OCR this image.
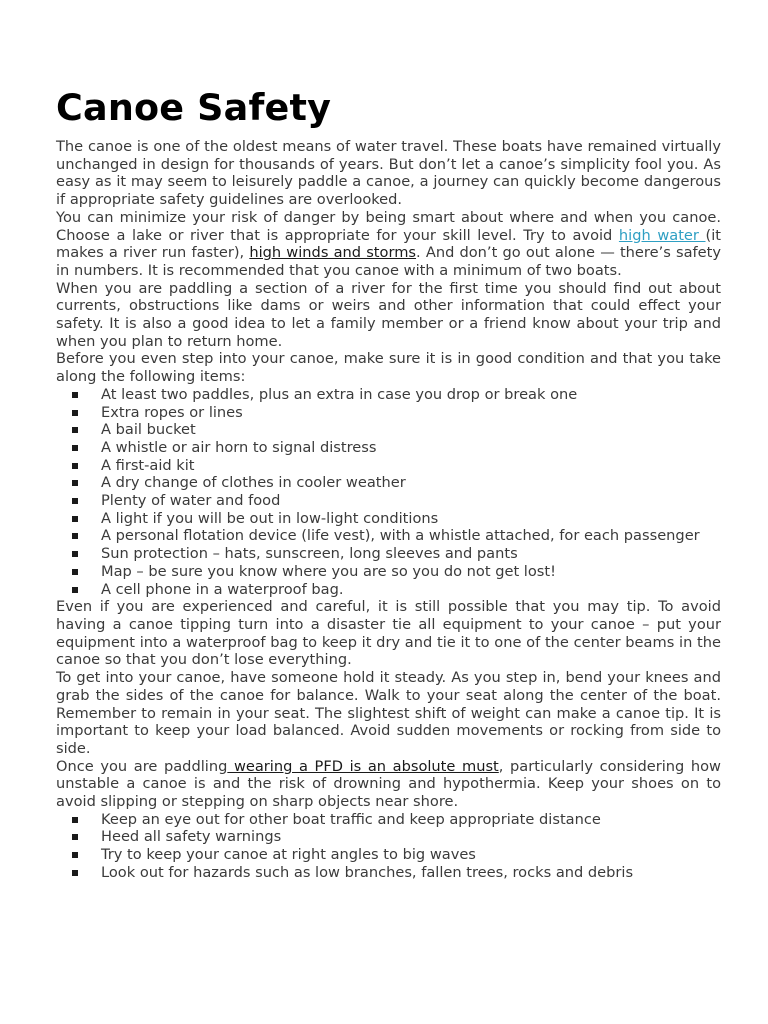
Canoe Safety

The canoe is one of the oldest means of water travel. These boats have remained virtually unchanged in design for thousands of years. But don’t let a canoe’s simplicity fool you. As easy as it may seem to leisurely paddle a canoe, a journey can quickly become dangerous if appropriate safety guidelines are overlooked.

You can minimize your risk of danger by being smart about where and when you canoe. Choose a lake or river that is appropriate for your skill level. Try to avoid high water (it makes a river run faster), high winds and storms. And don’t go out alone — there’s safety in numbers. It is recommended that you canoe with a minimum of two boats.

When you are paddling a section of a river for the first time you should find out about currents, obstructions like dams or weirs and other information that could effect your safety. It is also a good idea to let a family member or a friend know about your trip and when you plan to return home.

Before you even step into your canoe, make sure it is in good condition and that you take along the following items:

At least two paddles, plus an extra in case you drop or break one
Extra ropes or lines
A bail bucket
A whistle or air horn to signal distress
A first-aid kit
A dry change of clothes in cooler weather
Plenty of water and food
A light if you will be out in low-light conditions
A personal flotation device (life vest), with a whistle attached, for each passenger
Sun protection – hats, sunscreen, long sleeves and pants
Map – be sure you know where you are so you do not get lost!
A cell phone in a waterproof bag.

Even if you are experienced and careful, it is still possible that you may tip. To avoid having a canoe tipping turn into a disaster tie all equipment to your canoe – put your equipment into a waterproof bag to keep it dry and tie it to one of the center beams in the canoe so that you don’t lose everything.

To get into your canoe, have someone hold it steady. As you step in, bend your knees and grab the sides of the canoe for balance. Walk to your seat along the center of the boat. Remember to remain in your seat. The slightest shift of weight can make a canoe tip. It is important to keep your load balanced. Avoid sudden movements or rocking from side to side.

Once you are paddling wearing a PFD is an absolute must, particularly considering how unstable a canoe is and the risk of drowning and hypothermia. Keep your shoes on to avoid slipping or stepping on sharp objects near shore.

Keep an eye out for other boat traffic and keep appropriate distance
Heed all safety warnings
Try to keep your canoe at right angles to big waves
Look out for hazards such as low branches, fallen trees, rocks and debris
